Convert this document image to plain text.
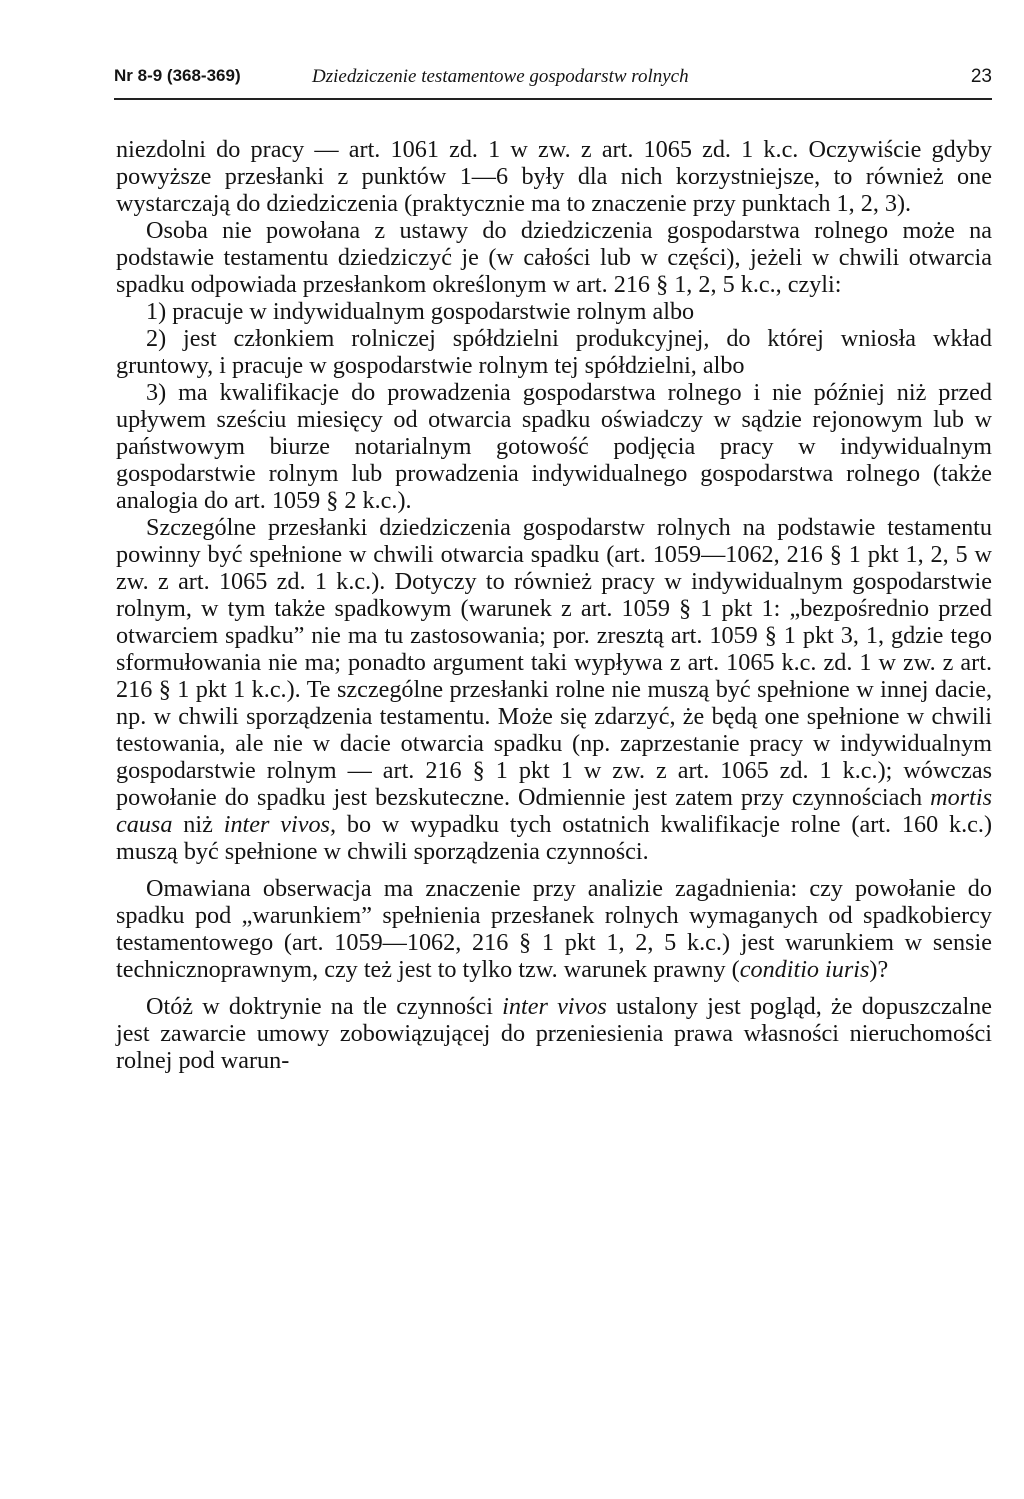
Nr 8-9 (368-369)	Dziedziczenie testamentowe gospodarstw rolnych	23

niezdolni do pracy — art. 1061 zd. 1 w zw. z art. 1065 zd. 1 k.c. Oczywiście gdyby powyższe przesłanki z punktów 1—6 były dla nich korzystniejsze, to również one wystarczają do dziedziczenia (praktycznie ma to znaczenie przy punktach 1, 2, 3).

Osoba nie powołana z ustawy do dziedziczenia gospodarstwa rolnego może na podstawie testamentu dziedziczyć je (w całości lub w części), jeżeli w chwili otwarcia spadku odpowiada przesłankom określonym w art. 216 § 1, 2, 5 k.c., czyli:

1) pracuje w indywidualnym gospodarstwie rolnym albo

2) jest członkiem rolniczej spółdzielni produkcyjnej, do której wniosła wkład gruntowy, i pracuje w gospodarstwie rolnym tej spółdzielni, albo

3) ma kwalifikacje do prowadzenia gospodarstwa rolnego i nie później niż przed upływem sześciu miesięcy od otwarcia spadku oświadczy w sądzie rejonowym lub w państwowym biurze notarialnym gotowość podjęcia pracy w indywidualnym gospodarstwie rolnym lub prowadzenia indywidualnego gospodarstwa rolnego (także analogia do art. 1059 § 2 k.c.).

Szczególne przesłanki dziedziczenia gospodarstw rolnych na podstawie testamentu powinny być spełnione w chwili otwarcia spadku (art. 1059—1062, 216 § 1 pkt 1, 2, 5 w zw. z art. 1065 zd. 1 k.c.). Dotyczy to również pracy w indywidualnym gospodarstwie rolnym, w tym także spadkowym (warunek z art. 1059 § 1 pkt 1: „bezpośrednio przed otwarciem spadku” nie ma tu zastosowania; por. zresztą art. 1059 § 1 pkt 3, 1, gdzie tego sformułowania nie ma; ponadto argument taki wypływa z art. 1065 k.c. zd. 1 w zw. z art. 216 § 1 pkt 1 k.c.). Te szczególne przesłanki rolne nie muszą być spełnione w innej dacie, np. w chwili sporządzenia testamentu. Może się zdarzyć, że będą one spełnione w chwili testowania, ale nie w dacie otwarcia spadku (np. zaprzestanie pracy w indywidualnym gospodarstwie rolnym — art. 216 § 1 pkt 1 w zw. z art. 1065 zd. 1 k.c.); wówczas powołanie do spadku jest bezskuteczne. Odmiennie jest zatem przy czynnościach mortis causa niż inter vivos, bo w wypadku tych ostatnich kwalifikacje rolne (art. 160 k.c.) muszą być spełnione w chwili sporządzenia czynności.

Omawiana obserwacja ma znaczenie przy analizie zagadnienia: czy powołanie do spadku pod „warunkiem” spełnienia przesłanek rolnych wymaganych od spadkobiercy testamentowego (art. 1059—1062, 216 § 1 pkt 1, 2, 5 k.c.) jest warunkiem w sensie technicznoprawnym, czy też jest to tylko tzw. warunek prawny (conditio iuris)?

Otóż w doktrynie na tle czynności inter vivos ustalony jest pogląd, że dopuszczalne jest zawarcie umowy zobowiązującej do przeniesienia prawa własności nieruchomości rolnej pod warun-
